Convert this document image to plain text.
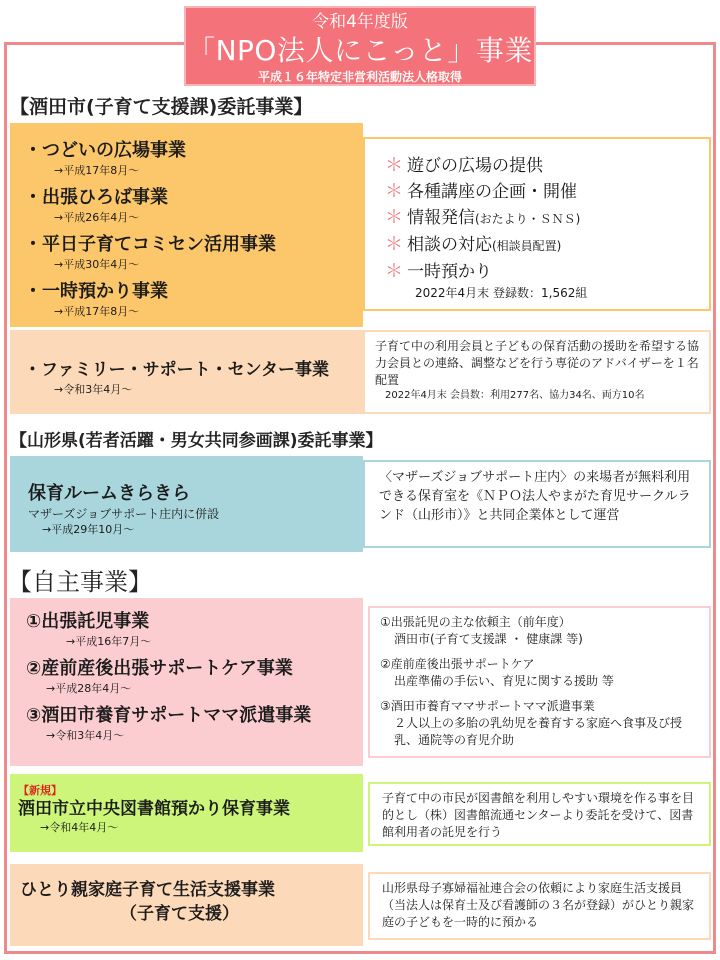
令和4年度版
「NPO法人にこっと」事業
平成１６年特定非営利活動法人格取得
【酒田市(子育て支援課)委託事業】
・つどいの広場事業
→平成17年8月～
・出張ひろば事業
→平成26年4月～
・平日子育てコミセン活用事業
→平成30年4月～
・一時預かり事業
→平成17年8月～
＊ 遊びの広場の提供
＊ 各種講座の企画・開催
＊ 情報発信(おたより・ＳＮＳ)
＊ 相談の対応(相談員配置)
＊ 一時預かり
2022年4月末 登録数：1,562組
・ファミリー・サポート・センター事業
→令和3年4月～
子育て中の利用会員と子どもの保育活動の援助を希望する協力会員との連絡、調整などを行う専従のアドバイザーを１名配置
2022年4月末 会員数：利用277名、協力34名、両方10名
【山形県(若者活躍・男女共同参画課)委託事業】
保育ルームきらきら
マザーズジョブサポート庄内に併設
→平成29年10月～
〈マザーズジョブサポート庄内〉の来場者が無料利用できる保育室を《ＮＰＯ法人やまがた育児サークルランド（山形市）》と共同企業体として運営
【自主事業】
①出張託児事業
→平成16年7月～
②産前産後出張サポートケア事業
→平成28年4月～
③酒田市養育サポートママ派遣事業
→令和3年4月～
①出張託児の主な依頼主（前年度）
酒田市(子育て支援課 ・ 健康課 等)
②産前産後出張サポートケア
出産準備の手伝い、育児に関する援助 等
③酒田市養育ママサポートママ派遣事業
２人以上の多胎の乳幼児を養育する家庭へ食事及び授乳、通院等の育児介助
【新規】
酒田市立中央図書館預かり保育事業
→令和4年4月～
子育て中の市民が図書館を利用しやすい環境を作る事を目的とし（株）図書館流通センターより委託を受けて、図書館利用者の託児を行う
ひとり親家庭子育て生活支援事業
（子育て支援）
山形県母子寡婦福祉連合会の依頼により家庭生活支援員（当法人は保育士及び看護師の３名が登録）がひとり親家庭の子どもを一時的に預かる
